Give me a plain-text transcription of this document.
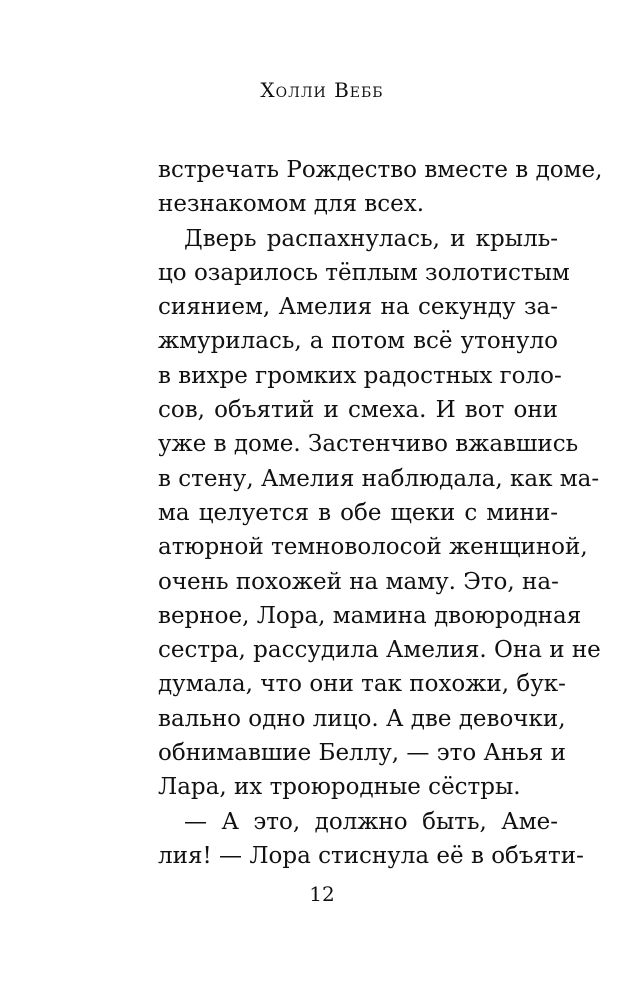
Холли Вебб
встречать Рождество вместе в доме,
незнакомом для всех.
Дверь распахнулась, и крыль-
цо озарилось тёплым золотистым
сиянием, Амелия на секунду за-
жмурилась, а потом всё утонуло
в вихре громких радостных голо-
сов, объятий и смеха. И вот они
уже в доме. Застенчиво вжавшись
в стену, Амелия наблюдала, как ма-
ма целуется в обе щеки с мини-
атюрной темноволосой женщиной,
очень похожей на маму. Это, на-
верное, Лора, мамина двоюродная
сестра, рассудила Амелия. Она и не
думала, что они так похожи, бук-
вально одно лицо. А две девочки,
обнимавшие Беллу, — это Анья и
Лара, их троюродные сёстры.
— А это, должно быть, Аме-
лия! — Лора стиснула её в объяти-
12
